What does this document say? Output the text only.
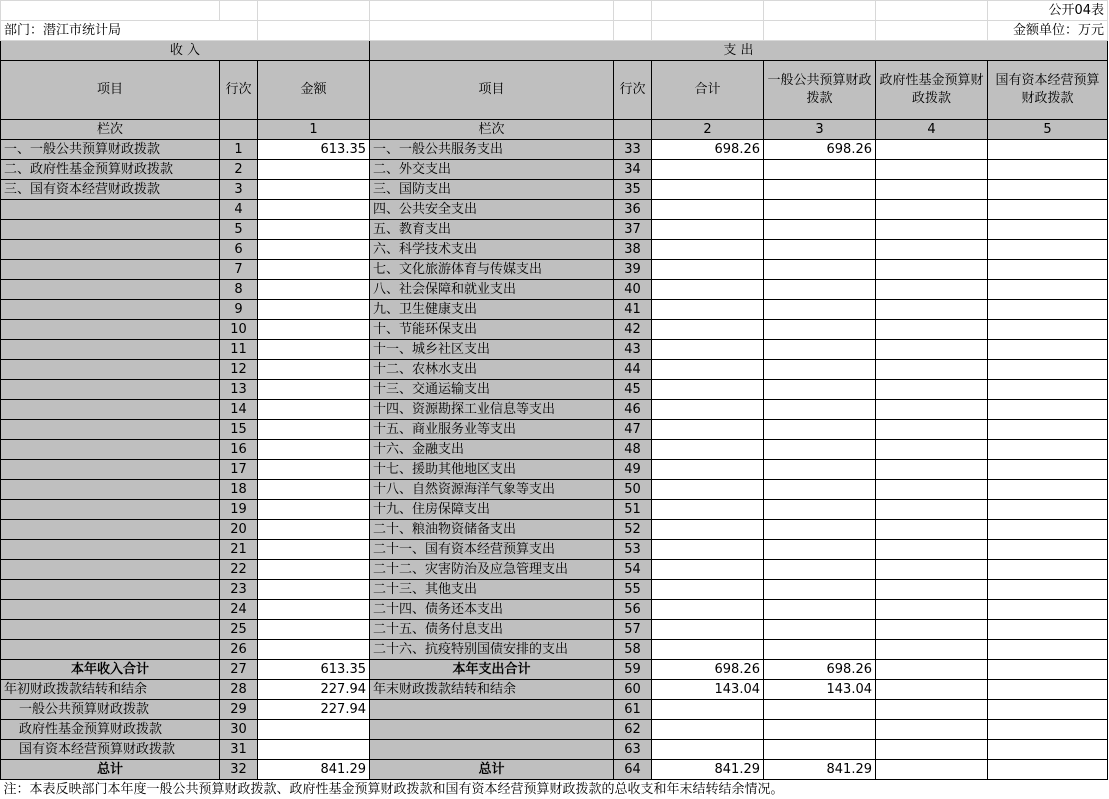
								公开04表
部门：潜江市统计局								金额单位：万元
收 入			支 出					
项目	行次	金额	项目	行次	合计	一般公共预算财政拨款	政府性基金预算财政拨款	国有资本经营预算财政拨款
栏次		1	栏次		2	3	4	5
一、一般公共预算财政拨款	1	613.35	一、一般公共服务支出	33	698.26	698.26		
二、政府性基金预算财政拨款	2		二、外交支出	34				
三、国有资本经营财政拨款	3		三、国防支出	35				
	4		四、公共安全支出	36				
	5		五、教育支出	37				
	6		六、科学技术支出	38				
	7		七、文化旅游体育与传媒支出	39				
	8		八、社会保障和就业支出	40				
	9		九、卫生健康支出	41				
	10		十、节能环保支出	42				
	11		十一、城乡社区支出	43				
	12		十二、农林水支出	44				
	13		十三、交通运输支出	45				
	14		十四、资源勘探工业信息等支出	46				
	15		十五、商业服务业等支出	47				
	16		十六、金融支出	48				
	17		十七、援助其他地区支出	49				
	18		十八、自然资源海洋气象等支出	50				
	19		十九、住房保障支出	51				
	20		二十、粮油物资储备支出	52				
	21		二十一、国有资本经营预算支出	53				
	22		二十二、灾害防治及应急管理支出	54				
	23		二十三、其他支出	55				
	24		二十四、债务还本支出	56				
	25		二十五、债务付息支出	57				
	26		二十六、抗疫特别国债安排的支出	58				
本年收入合计	27	613.35	本年支出合计	59	698.26	698.26		
年初财政拨款结转和结余	28	227.94	年末财政拨款结转和结余	60	143.04	143.04		
一般公共预算财政拨款	29	227.94		61				
政府性基金预算财政拨款	30			62				
国有资本经营预算财政拨款	31			63				
总计	32	841.29	总计	64	841.29	841.29		
注：本表反映部门本年度一般公共预算财政拨款、政府性基金预算财政拨款和国有资本经营预算财政拨款的总收支和年末结转结余情况。								
